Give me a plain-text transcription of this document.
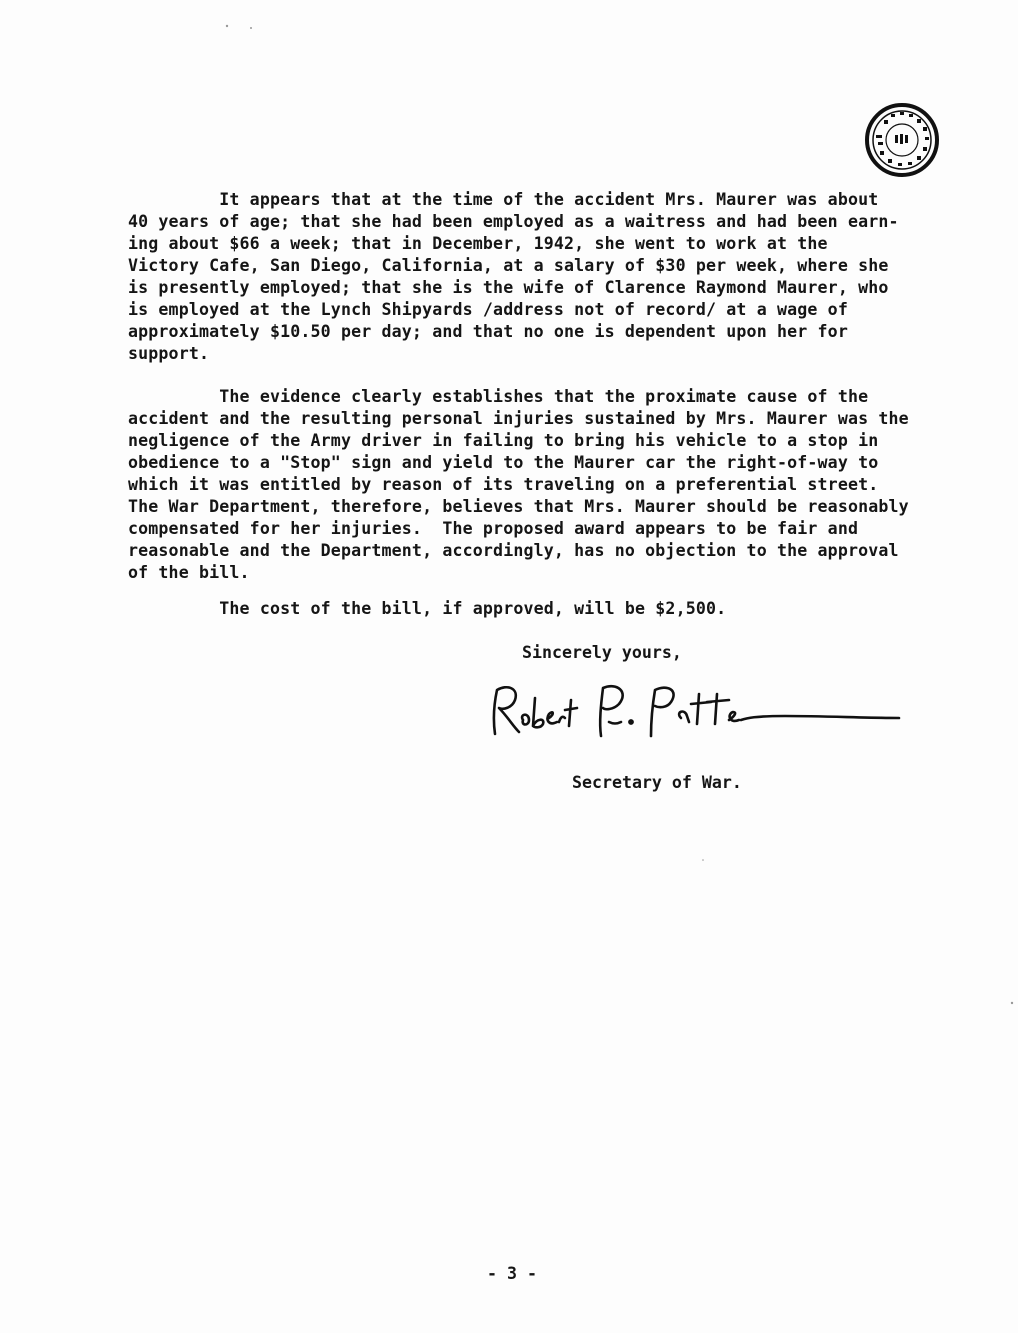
It appears that at the time of the accident Mrs. Maurer was about
40 years of age; that she had been employed as a waitress and had been earn-
ing about $66 a week; that in December, 1942, she went to work at the
Victory Cafe, San Diego, California, at a salary of $30 per week, where she
is presently employed; that she is the wife of Clarence Raymond Maurer, who
is employed at the Lynch Shipyards /address not of record/ at a wage of
approximately $10.50 per day; and that no one is dependent upon her for
support.
The evidence clearly establishes that the proximate cause of the
accident and the resulting personal injuries sustained by Mrs. Maurer was the
negligence of the Army driver in failing to bring his vehicle to a stop in
obedience to a "Stop" sign and yield to the Maurer car the right-of-way to
which it was entitled by reason of its traveling on a preferential street.
The War Department, therefore, believes that Mrs. Maurer should be reasonably
compensated for her injuries.  The proposed award appears to be fair and
reasonable and the Department, accordingly, has no objection to the approval
of the bill.
The cost of the bill, if approved, will be $2,500.
Sincerely yours,
Secretary of War.
- 3 -
